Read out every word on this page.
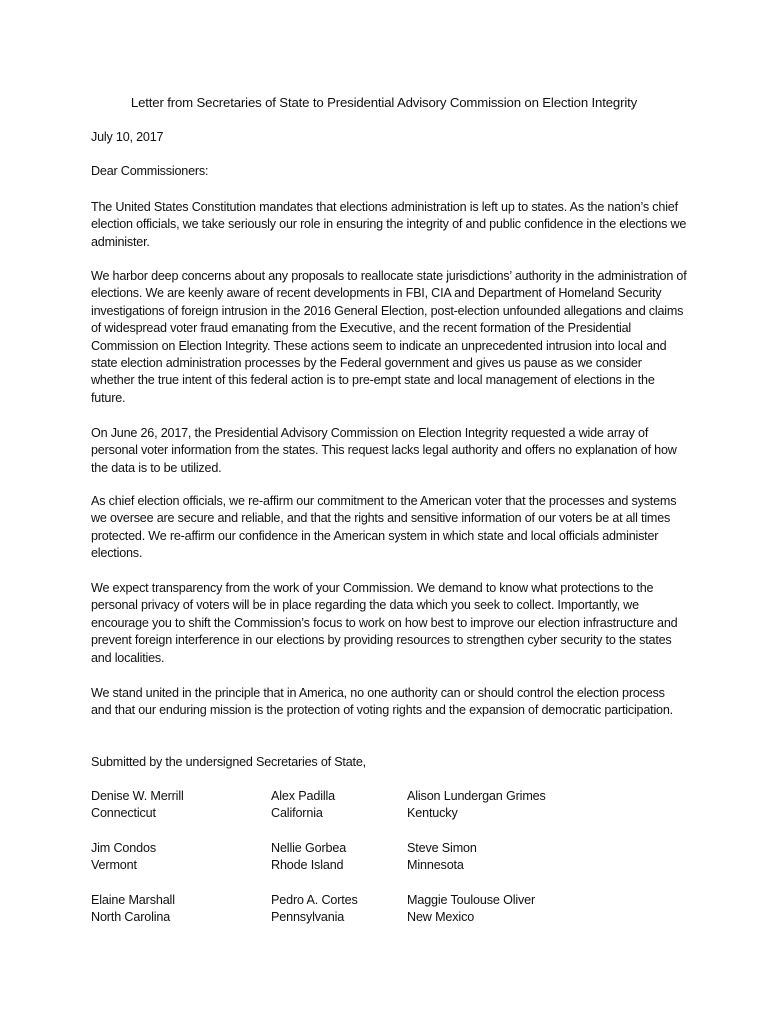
Letter from Secretaries of State to Presidential Advisory Commission on Election Integrity
July 10, 2017
Dear Commissioners:
The United States Constitution mandates that elections administration is left up to states. As the nation’s chief election officials, we take seriously our role in ensuring the integrity of and public confidence in the elections we administer.
We harbor deep concerns about any proposals to reallocate state jurisdictions’ authority in the administration of elections. We are keenly aware of recent developments in FBI, CIA and Department of Homeland Security investigations of foreign intrusion in the 2016 General Election, post-election unfounded allegations and claims of widespread voter fraud emanating from the Executive, and the recent formation of the Presidential Commission on Election Integrity. These actions seem to indicate an unprecedented intrusion into local and state election administration processes by the Federal government and gives us pause as we consider whether the true intent of this federal action is to pre-empt state and local management of elections in the future.
On June 26, 2017, the Presidential Advisory Commission on Election Integrity requested a wide array of personal voter information from the states. This request lacks legal authority and offers no explanation of how the data is to be utilized.
As chief election officials, we re-affirm our commitment to the American voter that the processes and systems we oversee are secure and reliable, and that the rights and sensitive information of our voters be at all times protected. We re-affirm our confidence in the American system in which state and local officials administer elections.
We expect transparency from the work of your Commission. We demand to know what protections to the personal privacy of voters will be in place regarding the data which you seek to collect. Importantly, we encourage you to shift the Commission’s focus to work on how best to improve our election infrastructure and prevent foreign interference in our elections by providing resources to strengthen cyber security to the states and localities.
We stand united in the principle that in America, no one authority can or should control the election process and that our enduring mission is the protection of voting rights and the expansion of democratic participation.
Submitted by the undersigned Secretaries of State,
Denise W. Merrill
Connecticut
Alex Padilla
California
Alison Lundergan Grimes
Kentucky
Jim Condos
Vermont
Nellie Gorbea
Rhode Island
Steve Simon
Minnesota
Elaine Marshall
North Carolina
Pedro A. Cortes
Pennsylvania
Maggie Toulouse Oliver
New Mexico
